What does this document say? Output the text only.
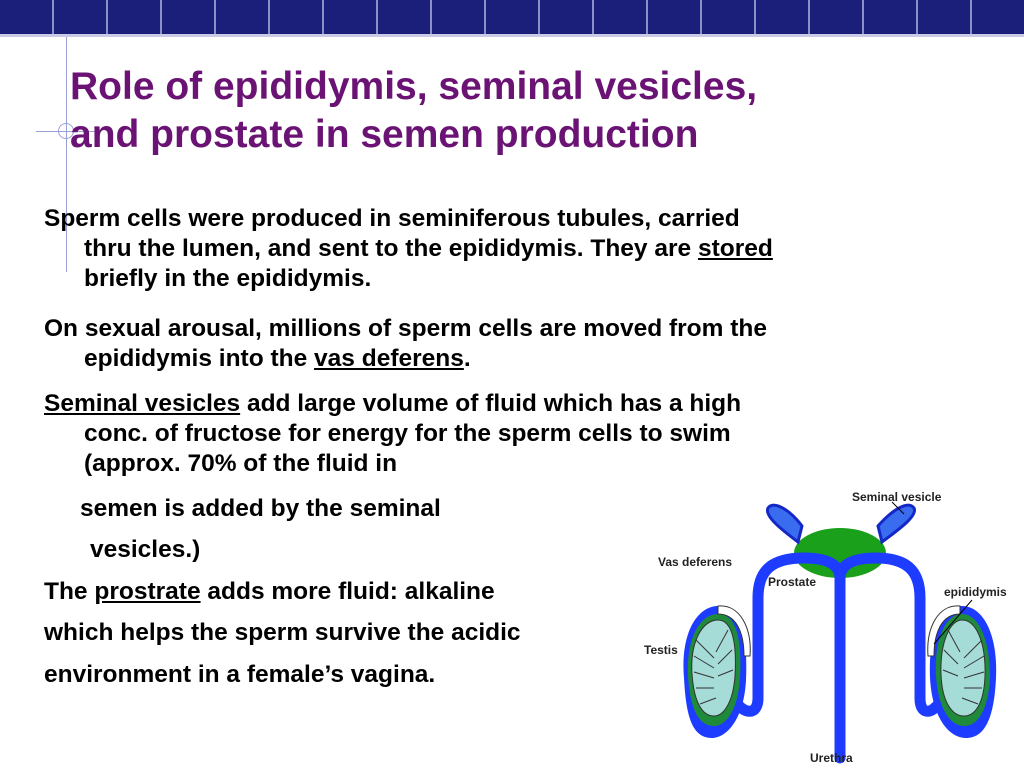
Role of epididymis, seminal vesicles,
and prostate in semen production
Sperm cells were produced in seminiferous tubules, carried
thru the lumen, and sent to the epididymis. They are stored
briefly in the epididymis.
On sexual arousal, millions of sperm cells are moved from the
epididymis into the vas deferens.
Seminal vesicles add large volume of fluid which has a high
conc. of fructose for energy for the sperm cells to swim
(approx. 70% of the fluid in

semen is added by the seminal

vesicles.)

The prostrate adds more fluid: alkaline

which helps the sperm survive the acidic

environment in a female’s vagina.

Seminal vesicle
Vas deferens
Prostate
epididymis
Testis
Urethra
